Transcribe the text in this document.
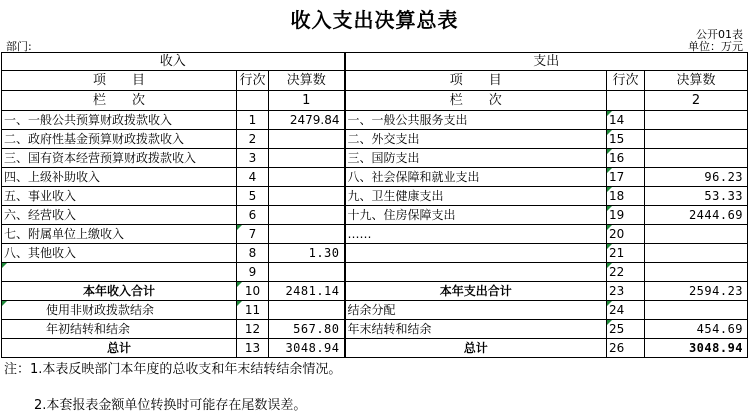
收入支出决算总表
公开01表
部门:	单位：万元
收入			支出		
项　　目	行次	决算数	项　　目	行次	决算数
栏　　次		1	栏　　次		2
一、一般公共预算财政拨款收入	1	2479.84	一、一般公共服务支出	14	
二、政府性基金预算财政拨款收入	2		二、外交支出	15	
三、国有资本经营预算财政拨款收入	3		三、国防支出	16	
四、上级补助收入	4		八、社会保障和就业支出	17	96.23
五、事业收入	5		九、卫生健康支出	18	53.33
六、经营收入	6		十九、住房保障支出	19	2444.69
七、附属单位上缴收入	7		……	20	
八、其他收入	8	1.30		21	
	9			22	
本年收入合计	10	2481.14	本年支出合计	23	2594.23
使用非财政拨款结余	11		结余分配	24	
年初结转和结余	12	567.80	年末结转和结余	25	454.69
总计	13	3048.94	总计	26	3048.94
注：1.本表反映部门本年度的总收支和年末结转结余情况。
2.本套报表金额单位转换时可能存在尾数误差。
